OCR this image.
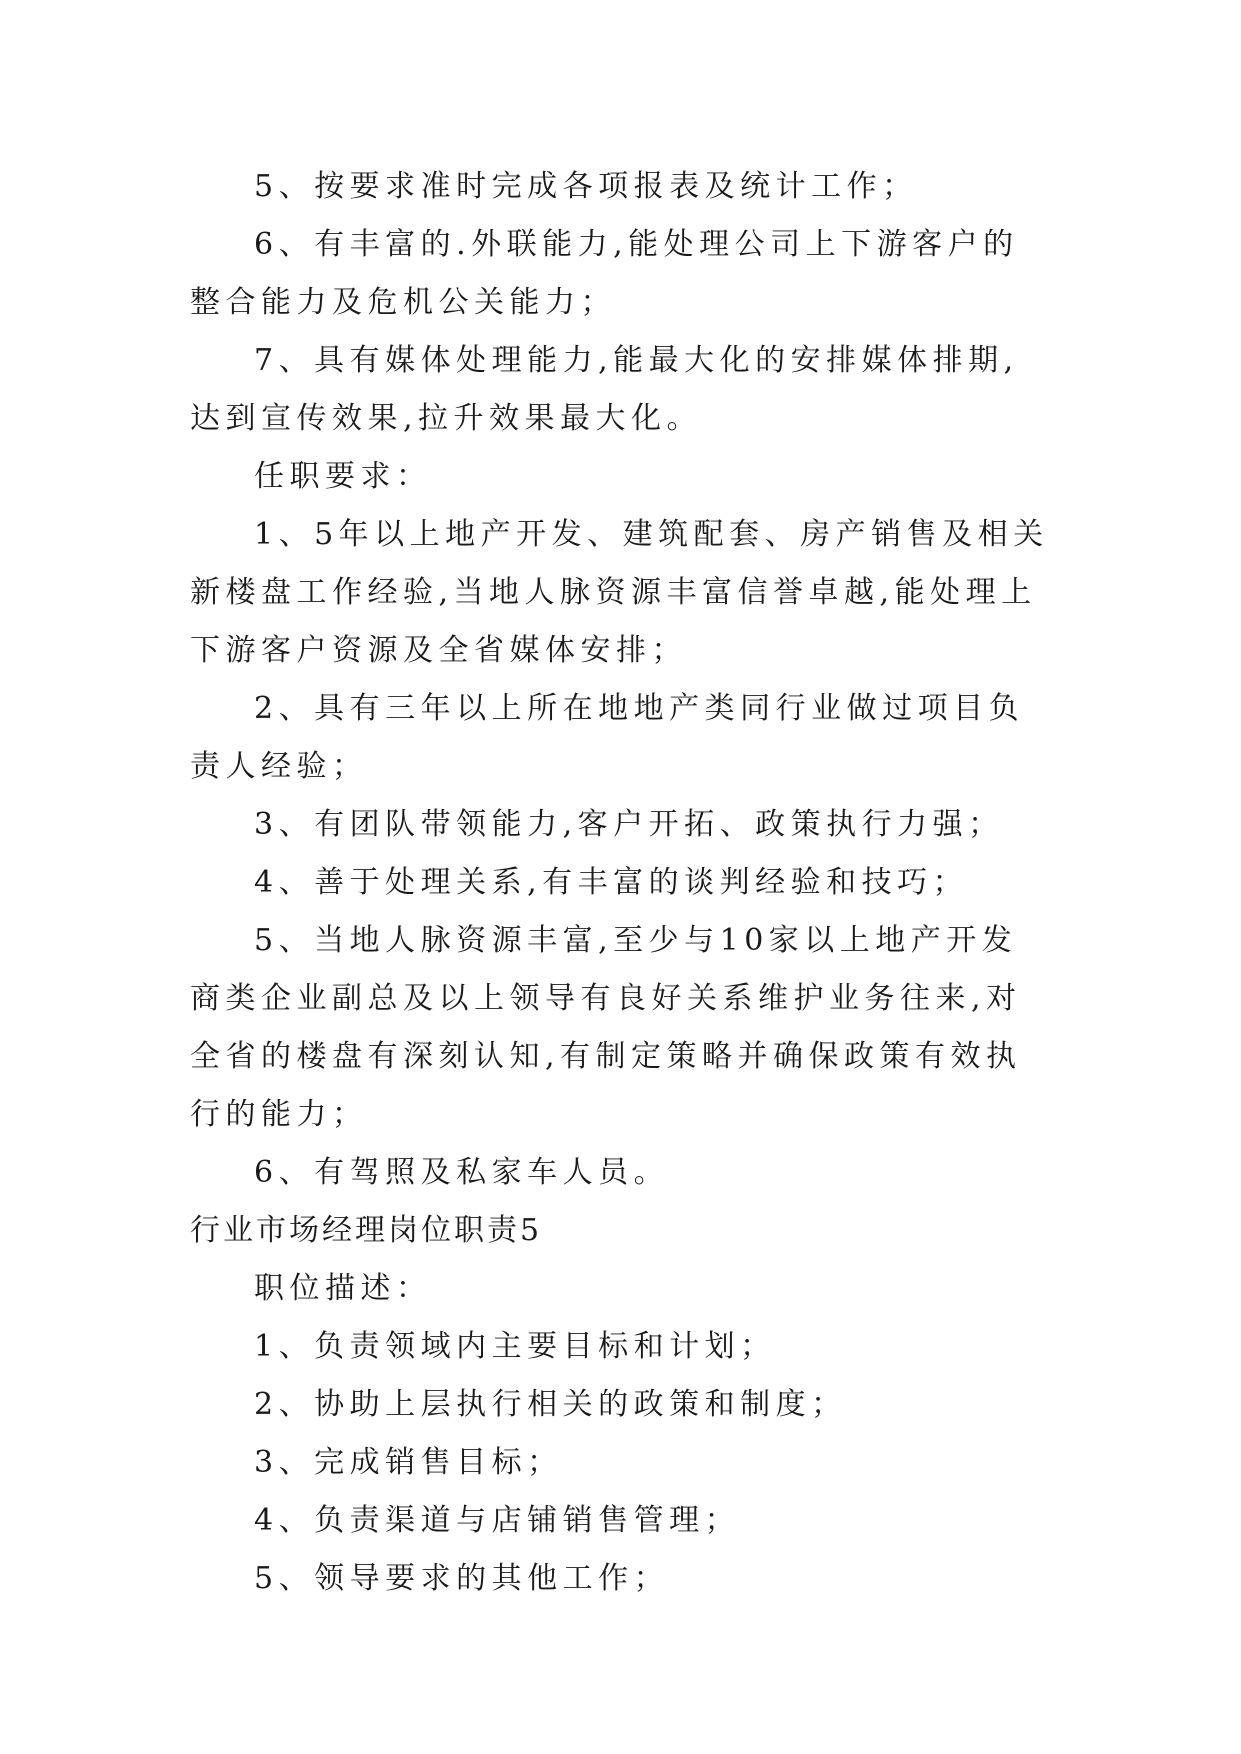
5、按要求准时完成各项报表及统计工作；

6、有丰富的.外联能力,能处理公司上下游客户的整合能力及危机公关能力；

7、具有媒体处理能力,能最大化的安排媒体排期,达到宣传效果,拉升效果最大化。

任职要求：

1、5年以上地产开发、建筑配套、房产销售及相关新楼盘工作经验,当地人脉资源丰富信誉卓越,能处理上下游客户资源及全省媒体安排；

2、具有三年以上所在地地产类同行业做过项目负责人经验；

3、有团队带领能力,客户开拓、政策执行力强；

4、善于处理关系,有丰富的谈判经验和技巧；

5、当地人脉资源丰富,至少与10家以上地产开发商类企业副总及以上领导有良好关系维护业务往来,对全省的楼盘有深刻认知,有制定策略并确保政策有效执行的能力；

6、有驾照及私家车人员。

行业市场经理岗位职责5

职位描述：

1、负责领域内主要目标和计划；

2、协助上层执行相关的政策和制度；

3、完成销售目标；

4、负责渠道与店铺销售管理；

5、领导要求的其他工作；
